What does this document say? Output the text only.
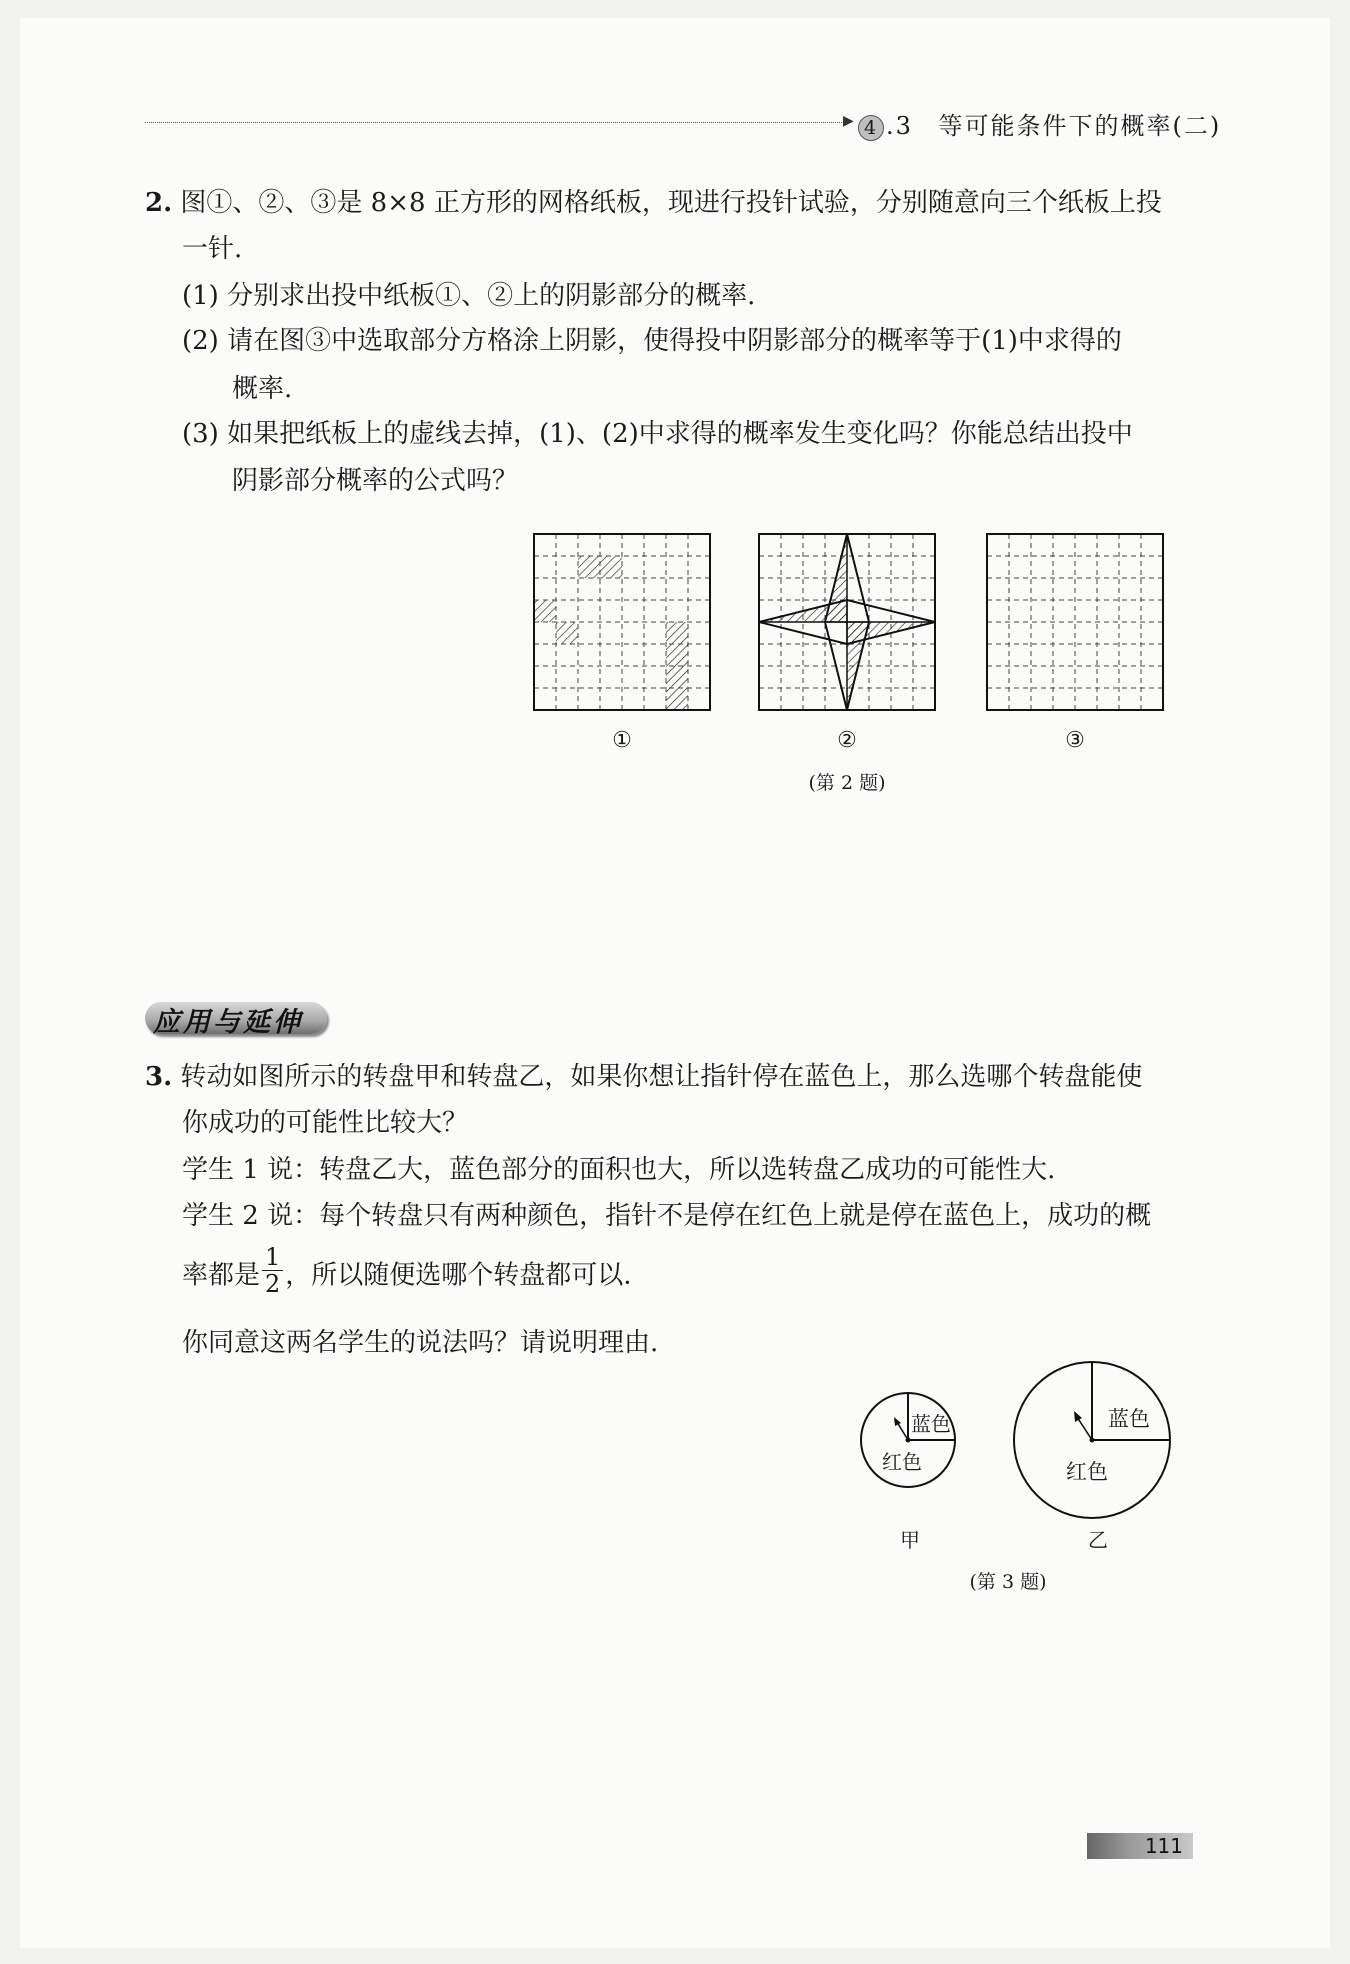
▶ 4 .3 等可能条件下的概率(二)
2. 图①、②、③是 8×8 正方形的网格纸板，现进行投针试验，分别随意向三个纸板上投
一针.
(1) 分别求出投中纸板①、②上的阴影部分的概率.
(2) 请在图③中选取部分方格涂上阴影，使得投中阴影部分的概率等于(1)中求得的
概率.
(3) 如果把纸板上的虚线去掉，(1)、(2)中求得的概率发生变化吗？你能总结出投中
阴影部分概率的公式吗？
①	②	③
(第 2 题)
应用与延伸
3. 转动如图所示的转盘甲和转盘乙，如果你想让指针停在蓝色上，那么选哪个转盘能使
你成功的可能性比较大？
学生 1 说：转盘乙大，蓝色部分的面积也大，所以选转盘乙成功的可能性大.
学生 2 说：每个转盘只有两种颜色，指针不是停在红色上就是停在蓝色上，成功的概
率都是 $\frac{1}{2}$ ，所以随便选哪个转盘都可以.
你同意这两名学生的说法吗？请说明理由.
蓝色
红色
蓝色
红色
甲	乙
(第 3 题)
111
